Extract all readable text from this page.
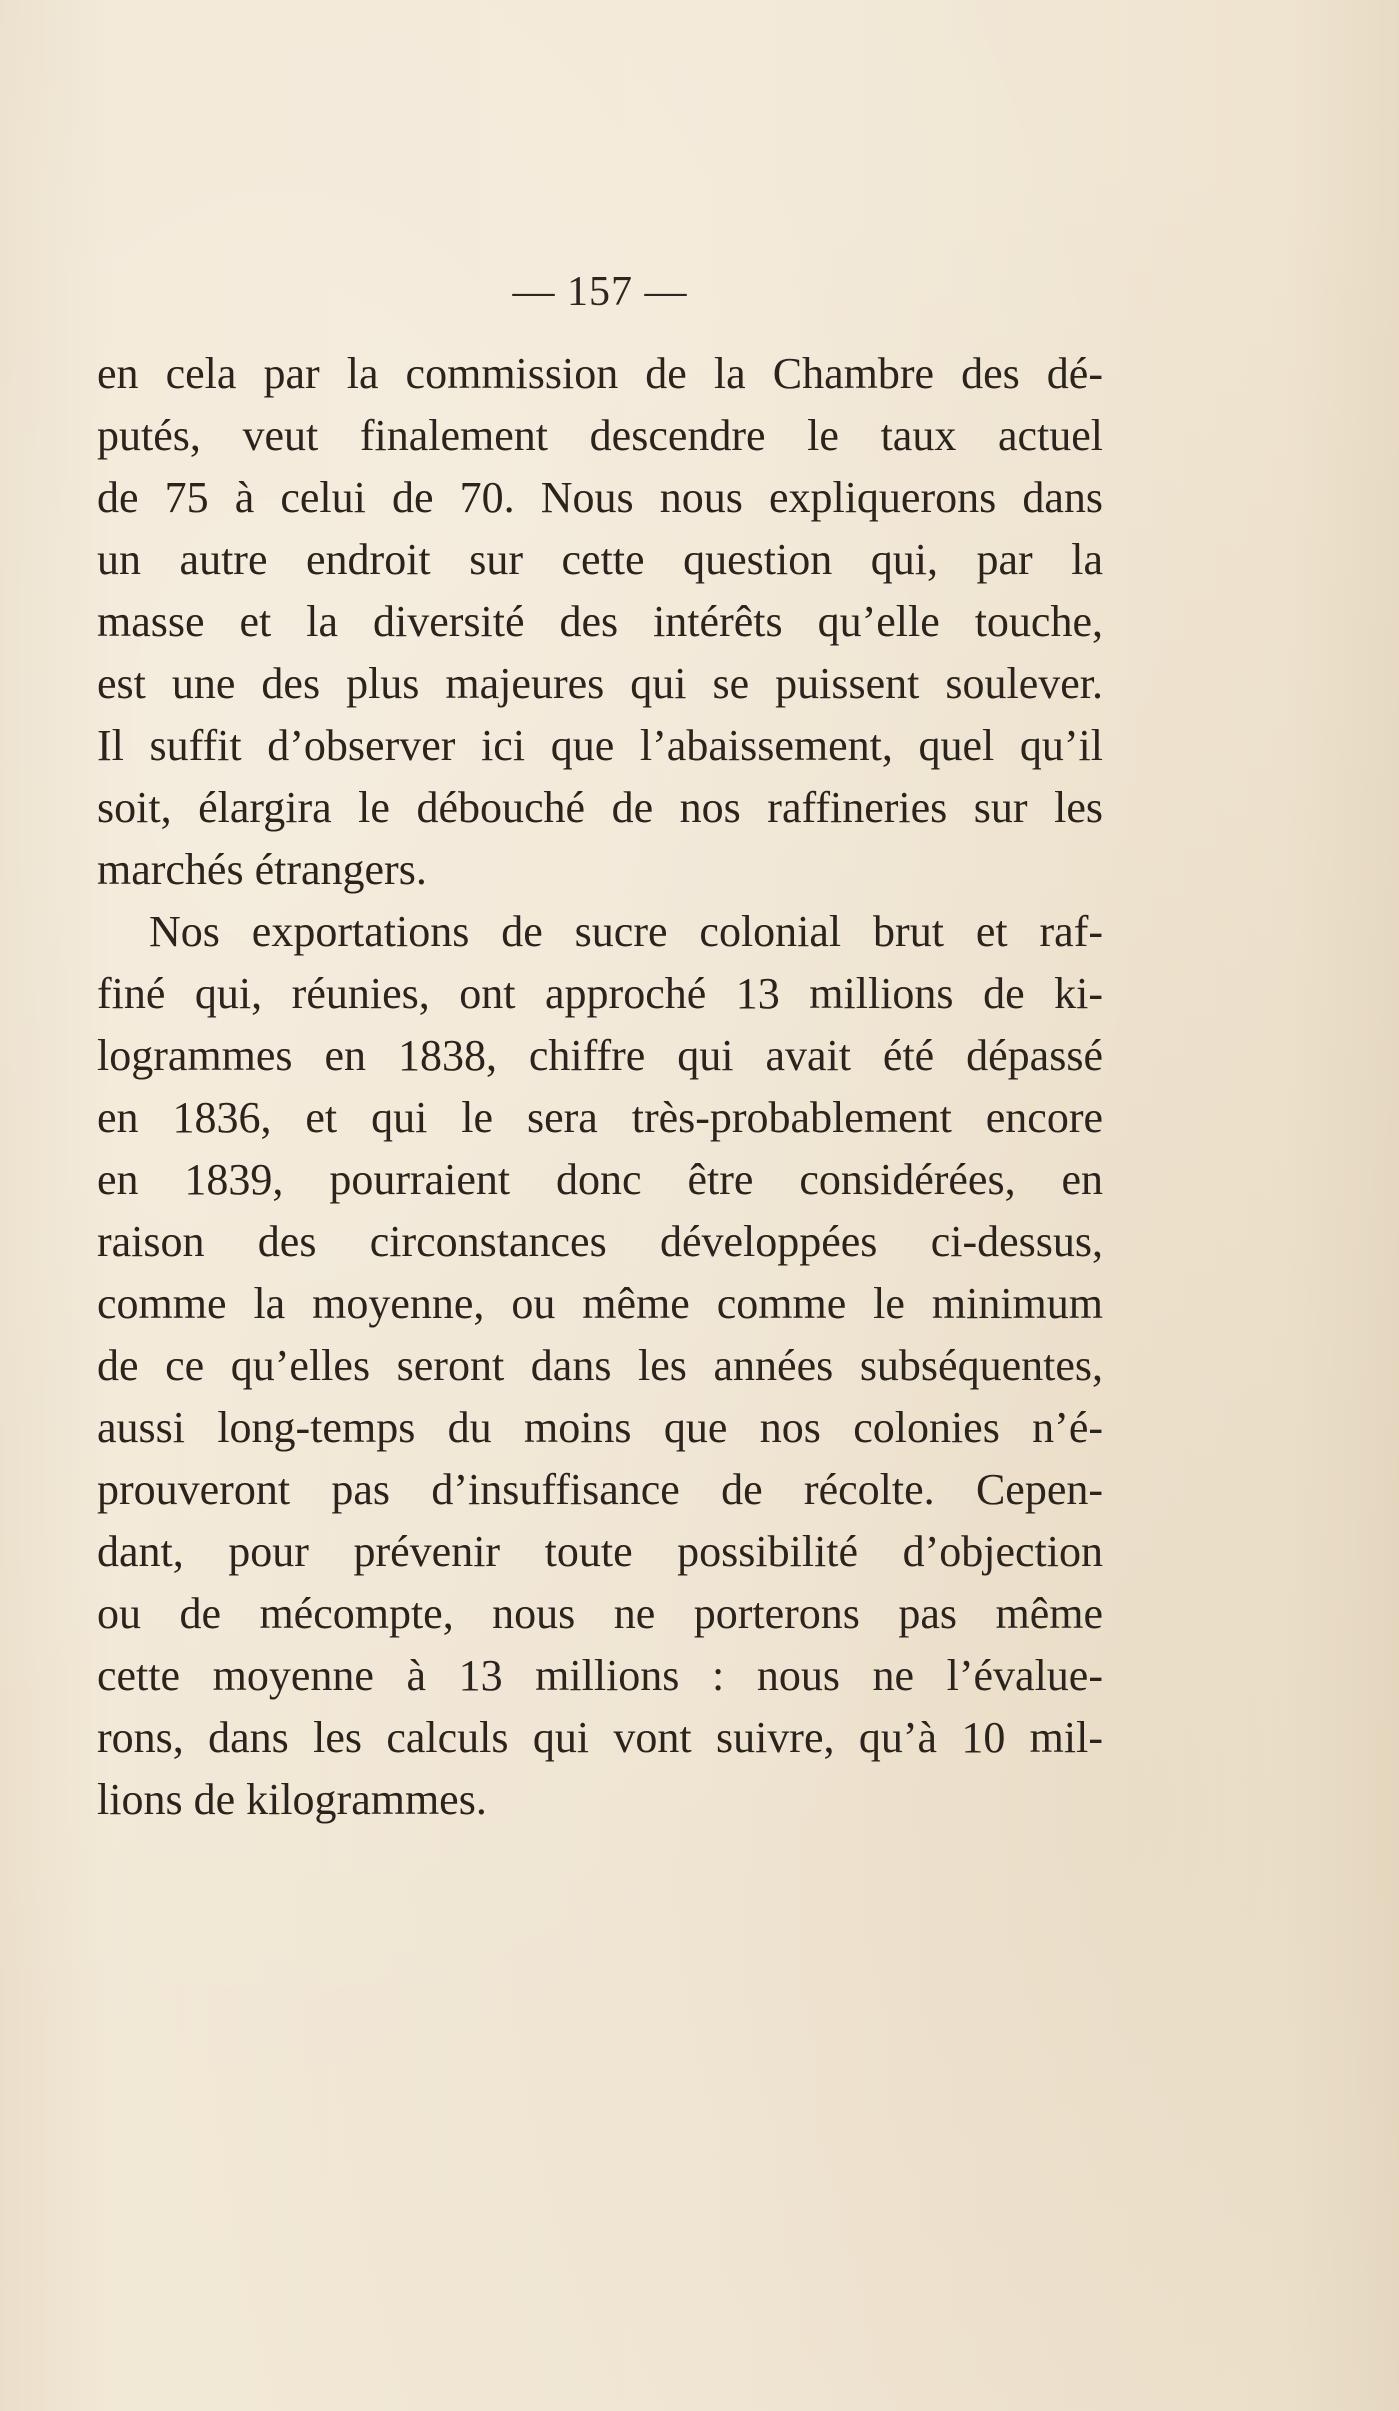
— 157 —
en cela par la commission de la Chambre des dé-
putés, veut finalement descendre le taux actuel
de 75 à celui de 70. Nous nous expliquerons dans
un autre endroit sur cette question qui, par la
masse et la diversité des intérêts qu’elle touche,
est une des plus majeures qui se puissent soulever.
Il suffit d’observer ici que l’abaissement, quel qu’il
soit, élargira le débouché de nos raffineries sur les
marchés étrangers.
Nos exportations de sucre colonial brut et raf-
finé qui, réunies, ont approché 13 millions de ki-
logrammes en 1838, chiffre qui avait été dépassé
en 1836, et qui le sera très-probablement encore
en 1839, pourraient donc être considérées, en
raison des circonstances développées ci-dessus,
comme la moyenne, ou même comme le minimum
de ce qu’elles seront dans les années subséquentes,
aussi long-temps du moins que nos colonies n’é-
prouveront pas d’insuffisance de récolte. Cepen-
dant, pour prévenir toute possibilité d’objection
ou de mécompte, nous ne porterons pas même
cette moyenne à 13 millions : nous ne l’évalue-
rons, dans les calculs qui vont suivre, qu’à 10 mil-
lions de kilogrammes.
